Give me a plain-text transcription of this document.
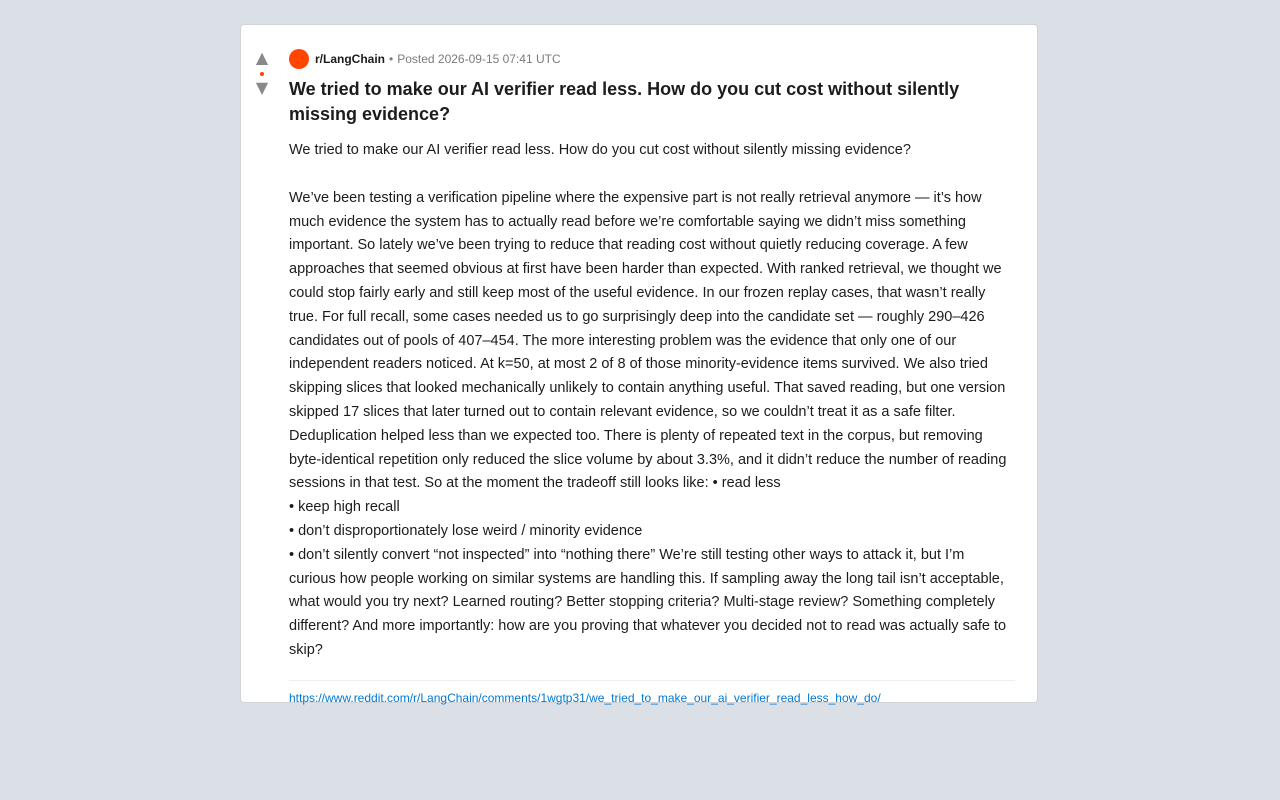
▲
▼
r/LangChain • Posted 2026-09-15 07:41 UTC
We tried to make our AI verifier read less. How do you cut cost without silently missing evidence?

We tried to make our AI verifier read less. How do you cut cost without silently missing evidence?

We’ve been testing a verification pipeline where the expensive part is not really retrieval anymore — it’s how much evidence the system has to actually read before we’re comfortable saying we didn’t miss something important. So lately we’ve been trying to reduce that reading cost without quietly reducing coverage. A few approaches that seemed obvious at first have been harder than expected. With ranked retrieval, we thought we could stop fairly early and still keep most of the useful evidence. In our frozen replay cases, that wasn’t really true. For full recall, some cases needed us to go surprisingly deep into the candidate set — roughly 290–426 candidates out of pools of 407–454. The more interesting problem was the evidence that only one of our independent readers noticed. At k=50, at most 2 of 8 of those minority-evidence items survived. We also tried skipping slices that looked mechanically unlikely to contain anything useful. That saved reading, but one version skipped 17 slices that later turned out to contain relevant evidence, so we couldn’t treat it as a safe filter. Deduplication helped less than we expected too. There is plenty of repeated text in the corpus, but removing byte-identical repetition only reduced the slice volume by about 3.3%, and it didn’t reduce the number of reading sessions in that test. So at the moment the tradeoff still looks like: • read less

• keep high recall

• don’t disproportionately lose weird / minority evidence

• don’t silently convert “not inspected” into “nothing there” We’re still testing other ways to attack it, but I’m curious how people working on similar systems are handling this. If sampling away the long tail isn’t acceptable, what would you try next? Learned routing? Better stopping criteria? Multi-stage review? Something completely different? And more importantly: how are you proving that whatever you decided not to read was actually safe to skip?

https://www.reddit.com/r/LangChain/comments/1wgtp31/we_tried_to_make_our_ai_verifier_read_less_how_do/
